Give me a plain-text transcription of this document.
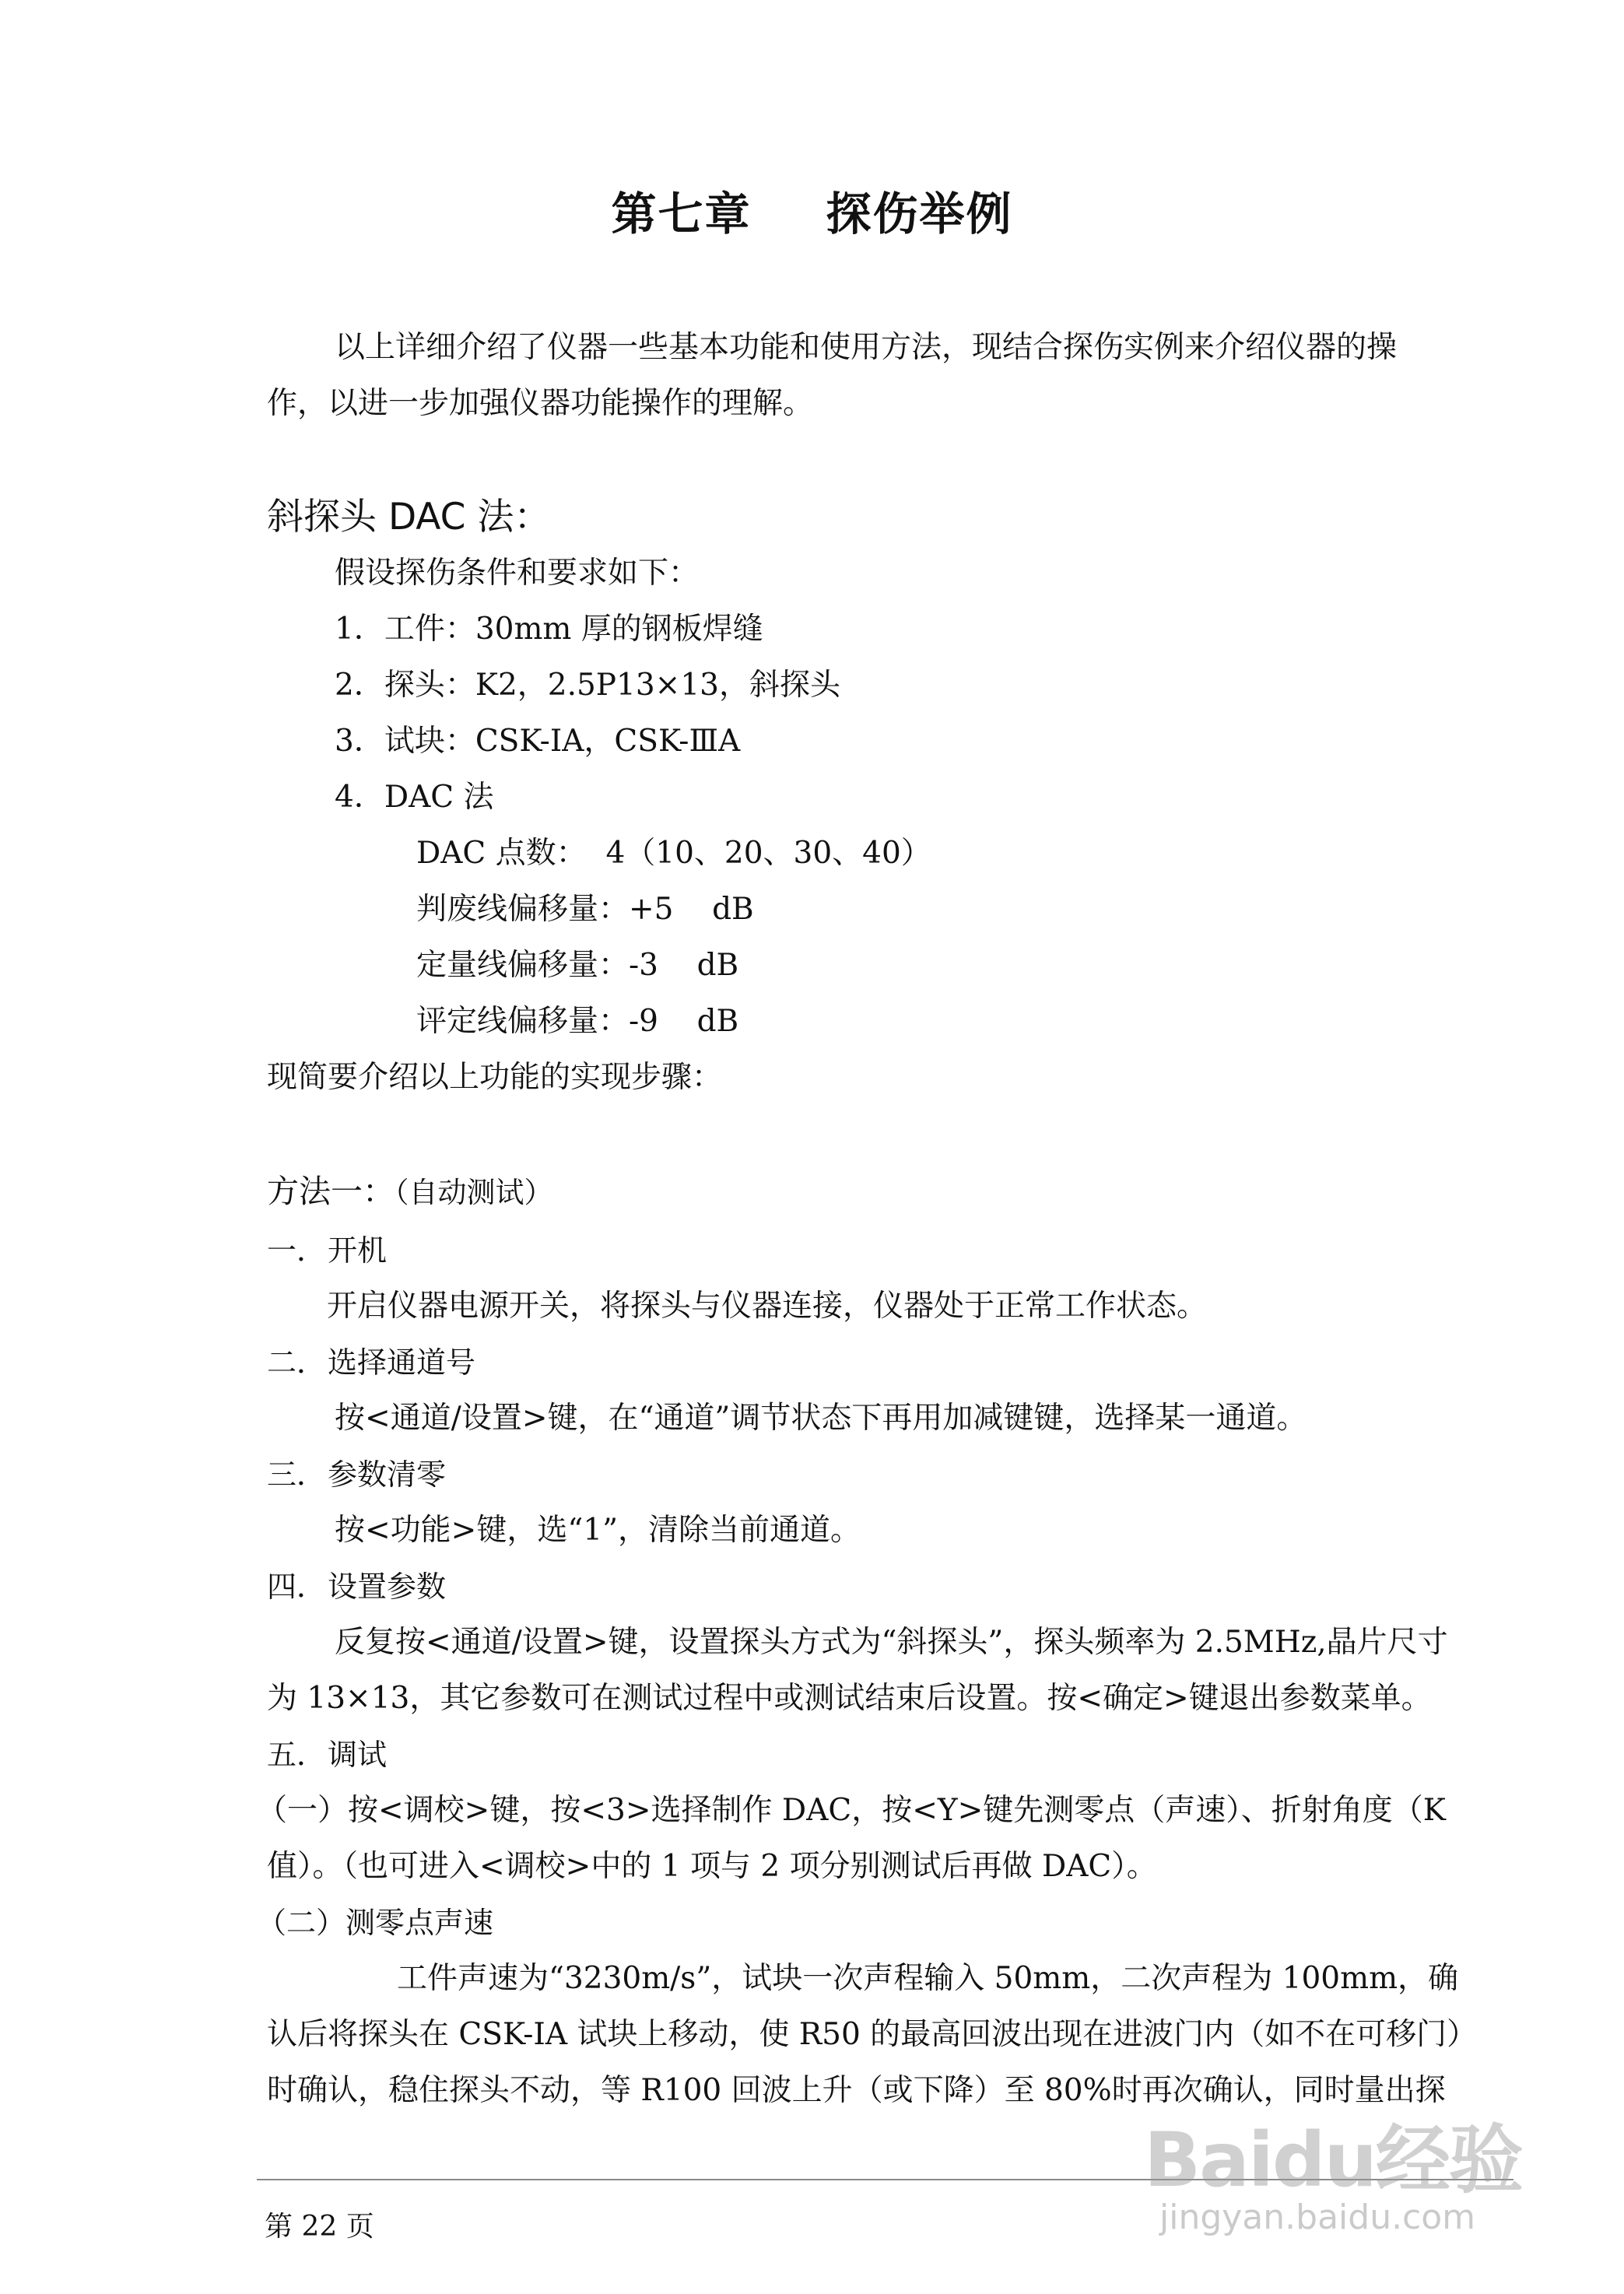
第七章 探伤举例
以上详细介绍了仪器一些基本功能和使用方法，现结合探伤实例来介绍仪器的操
作，以进一步加强仪器功能操作的理解。
斜探头 DAC 法：
假设探伤条件和要求如下：
1．工件：30mm 厚的钢板焊缝
2．探头：K2，2.5P13×13，斜探头
3．试块：CSK-IA，CSK-ⅢA
4．DAC 法
DAC 点数：  4（10、20、30、40）
判废线偏移量：+5    dB
定量线偏移量：-3    dB
评定线偏移量：-9    dB
现简要介绍以上功能的实现步骤：
方法一：（自动测试）
一．开机
开启仪器电源开关，将探头与仪器连接，仪器处于正常工作状态。
二．选择通道号
按<通道/设置>键，在“通道”调节状态下再用加减键键，选择某一通道。
三．参数清零
按<功能>键，选“1”，清除当前通道。
四．设置参数
反复按<通道/设置>键，设置探头方式为“斜探头”，探头频率为 2.5MHz,晶片尺寸
为 13×13，其它参数可在测试过程中或测试结束后设置。按<确定>键退出参数菜单。
五．调试
（一）按<调校>键，按<3>选择制作 DAC，按<Y>键先测零点（声速）、折射角度（K
值）。（也可进入<调校>中的 1 项与 2 项分别测试后再做 DAC）。
（二）测零点声速
工件声速为“3230m/s”，试块一次声程输入 50mm，二次声程为 100mm，确
认后将探头在 CSK-IA 试块上移动，使 R50 的最高回波出现在进波门内（如不在可移门）
时确认，稳住探头不动，等 R100 回波上升（或下降）至 80%时再次确认，同时量出探
第 22 页
Baidu经验
jingyan.baidu.com
